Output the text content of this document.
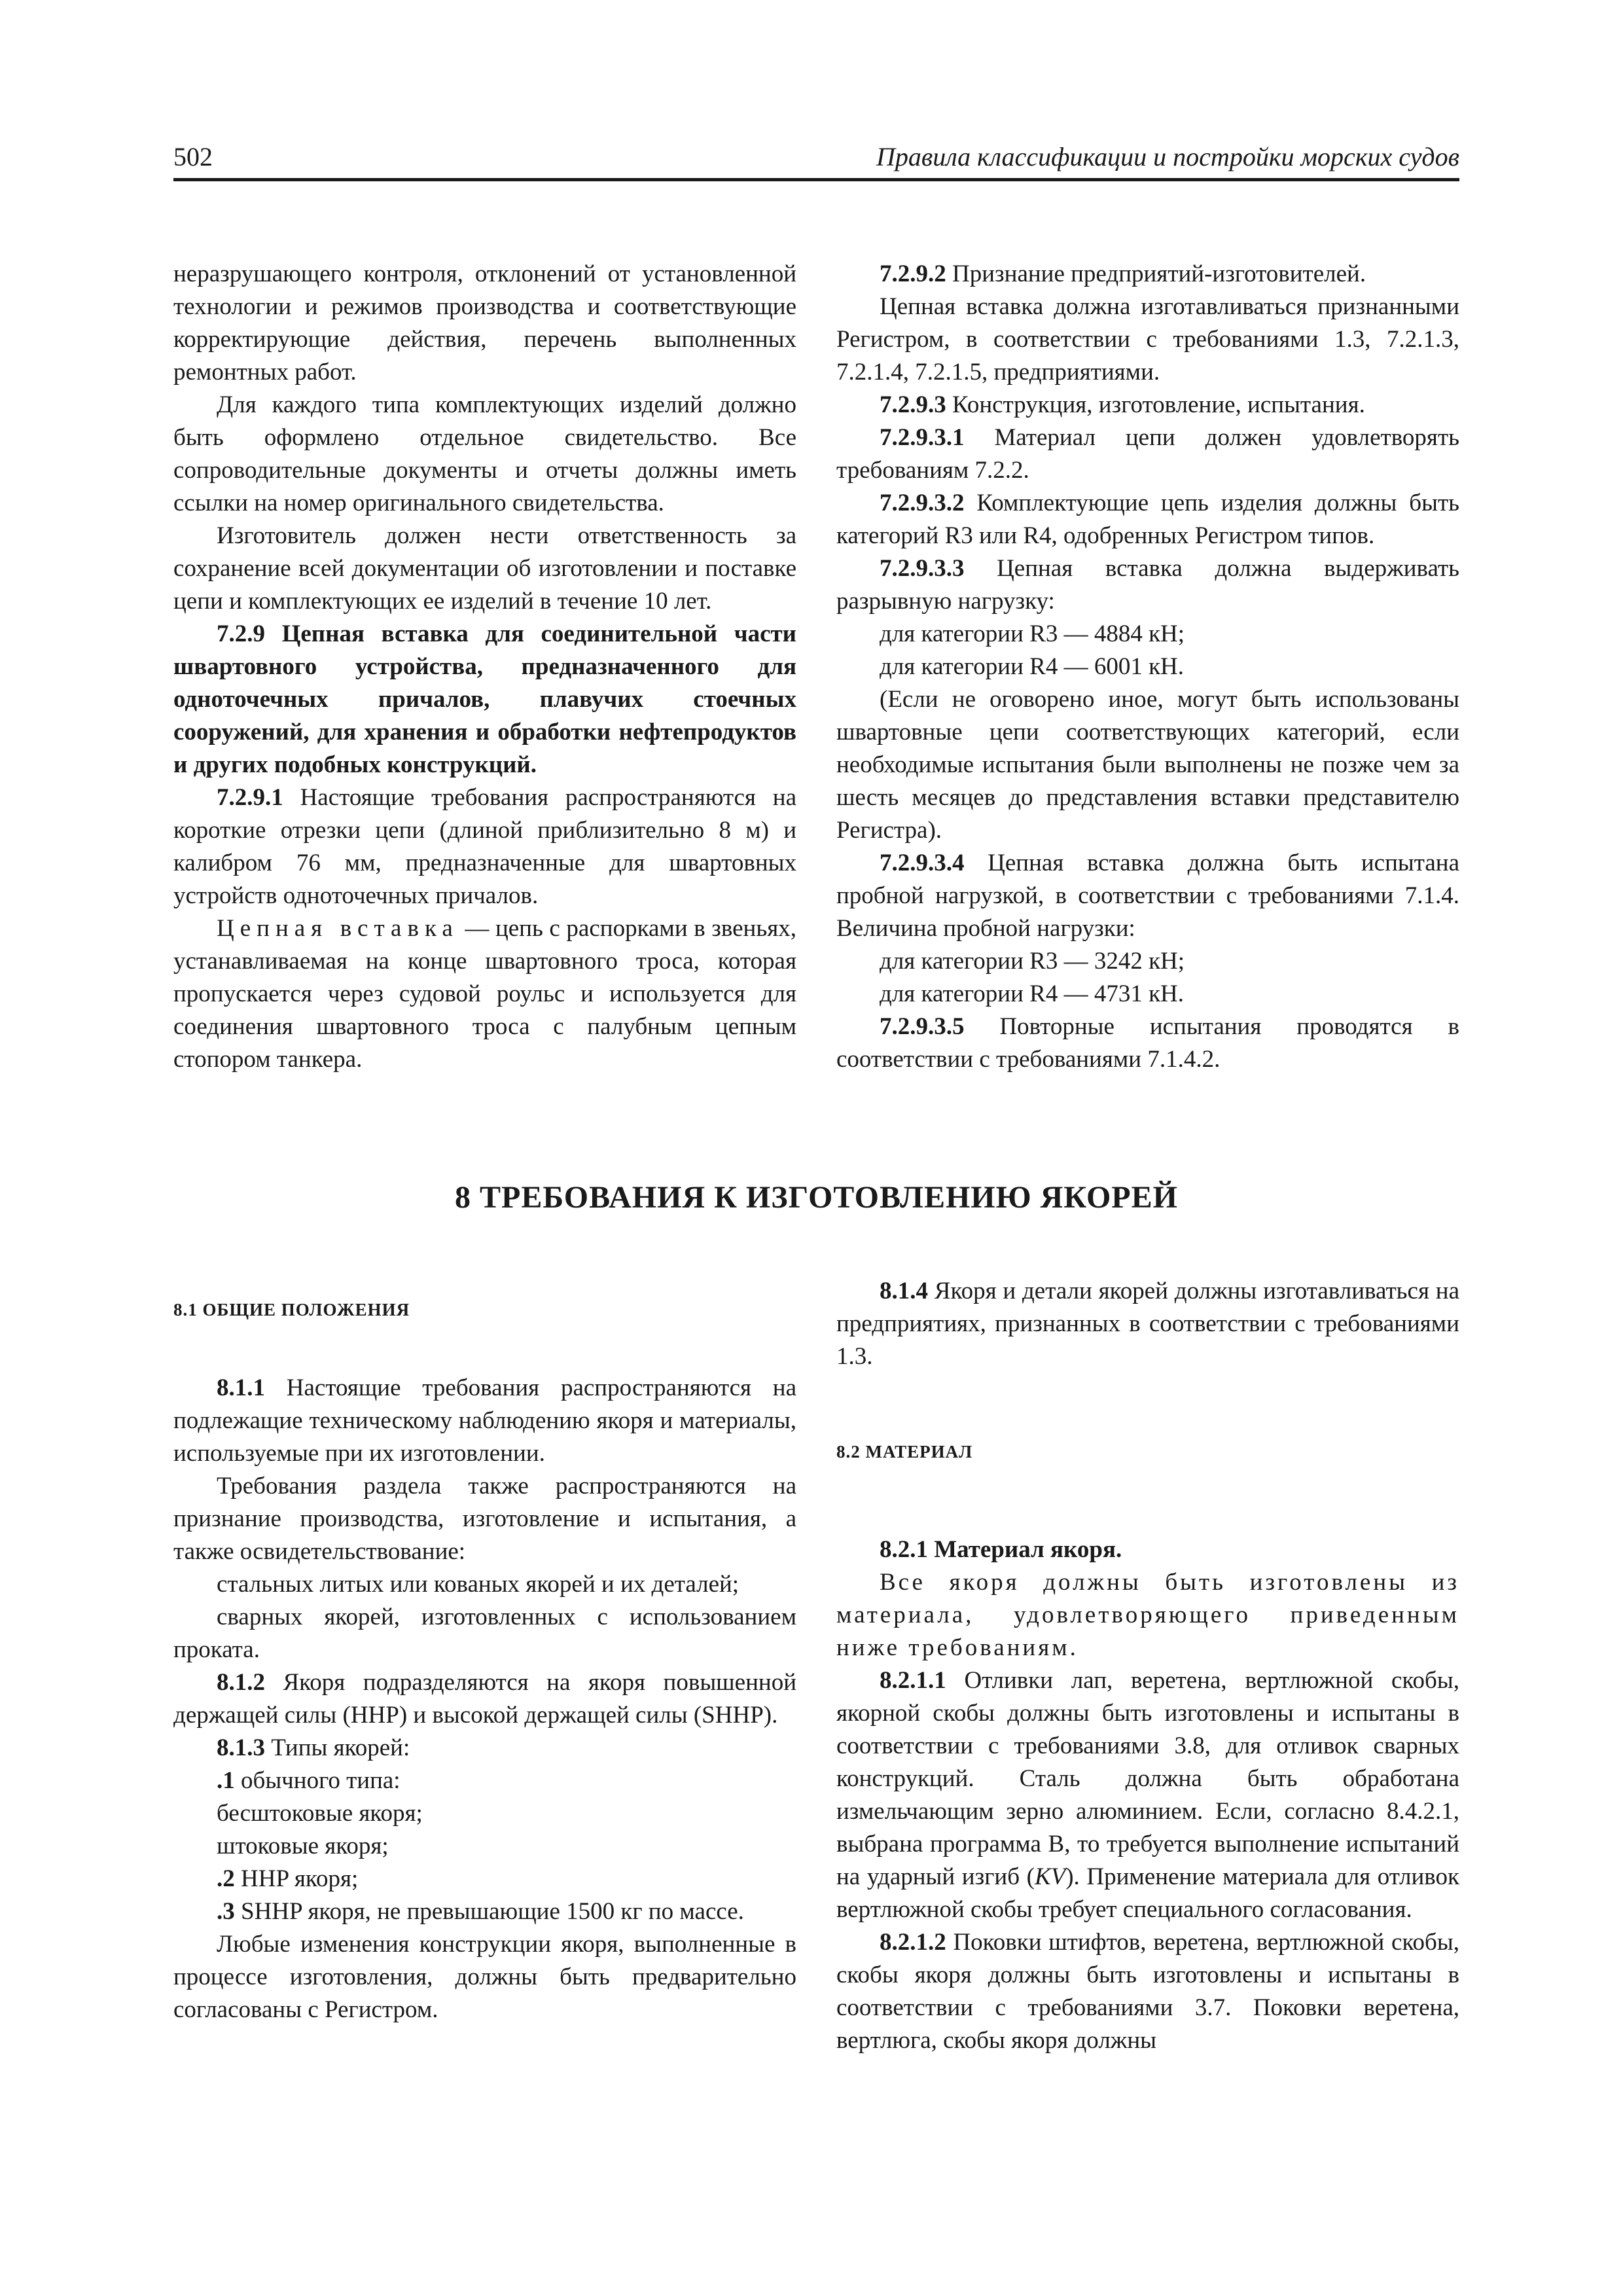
502	Правила классификации и постройки морских судов

неразрушающего контроля, отклонений от установленной технологии и режимов производства и соответствующие корректирующие действия, перечень выполненных ремонтных работ.

Для каждого типа комплектующих изделий должно быть оформлено отдельное свидетельство. Все сопроводительные документы и отчеты должны иметь ссылки на номер оригинального свидетельства.

Изготовитель должен нести ответственность за сохранение всей документации об изготовлении и поставке цепи и комплектующих ее изделий в течение 10 лет.

7.2.9 Цепная вставка для соединительной части швартовного устройства, предназначенного для одноточечных причалов, плавучих стоечных сооружений, для хранения и обработки нефтепродуктов и других подобных конструкций.

7.2.9.1 Настоящие требования распространяются на короткие отрезки цепи (длиной приблизительно 8 м) и калибром 76 мм, предназначенные для швартовных устройств одноточечных причалов.

Цепная вставка — цепь с распорками в звеньях, устанавливаемая на конце швартовного троса, которая пропускается через судовой роульс и используется для соединения швартовного троса с палубным цепным стопором танкера.

7.2.9.2 Признание предприятий-изготовителей.

Цепная вставка должна изготавливаться признанными Регистром, в соответствии с требованиями 1.3, 7.2.1.3, 7.2.1.4, 7.2.1.5, предприятиями.

7.2.9.3 Конструкция, изготовление, испытания.

7.2.9.3.1 Материал цепи должен удовлетворять требованиям 7.2.2.

7.2.9.3.2 Комплектующие цепь изделия должны быть категорий R3 или R4, одобренных Регистром типов.

7.2.9.3.3 Цепная вставка должна выдерживать разрывную нагрузку:

для категории R3 — 4884 кН;

для категории R4 — 6001 кН.

(Если не оговорено иное, могут быть использованы швартовные цепи соответствующих категорий, если необходимые испытания были выполнены не позже чем за шесть месяцев до представления вставки представителю Регистра).

7.2.9.3.4 Цепная вставка должна быть испытана пробной нагрузкой, в соответствии с требованиями 7.1.4. Величина пробной нагрузки:

для категории R3 — 3242 кН;

для категории R4 — 4731 кН.

7.2.9.3.5 Повторные испытания проводятся в соответствии с требованиями 7.1.4.2.

8 ТРЕБОВАНИЯ К ИЗГОТОВЛЕНИЮ ЯКОРЕЙ

8.1 ОБЩИЕ ПОЛОЖЕНИЯ

8.1.1 Настоящие требования распространяются на подлежащие техническому наблюдению якоря и материалы, используемые при их изготовлении.

Требования раздела также распространяются на признание производства, изготовление и испытания, а также освидетельствование:

стальных литых или кованых якорей и их деталей;

сварных якорей, изготовленных с использованием проката.

8.1.2 Якоря подразделяются на якоря повышенной держащей силы (HHP) и высокой держащей силы (SHHP).

8.1.3 Типы якорей:

.1 обычного типа:

бесштоковые якоря;

штоковые якоря;

.2 HHP якоря;

.3 SHHP якоря, не превышающие 1500 кг по массе.

Любые изменения конструкции якоря, выполненные в процессе изготовления, должны быть предварительно согласованы с Регистром.

8.1.4 Якоря и детали якорей должны изготавливаться на предприятиях, признанных в соответствии с требованиями 1.3.

8.2 МАТЕРИАЛ

8.2.1 Материал якоря.

Все якоря должны быть изготовлены из материала, удовлетворяющего приведенным ниже требованиям.

8.2.1.1 Отливки лап, веретена, вертлюжной скобы, якорной скобы должны быть изготовлены и испытаны в соответствии с требованиями 3.8, для отливок сварных конструкций. Сталь должна быть обработана измельчающим зерно алюминием. Если, согласно 8.4.2.1, выбрана программа B, то требуется выполнение испытаний на ударный изгиб (KV). Применение материала для отливок вертлюжной скобы требует специального согласования.

8.2.1.2 Поковки штифтов, веретена, вертлюжной скобы, скобы якоря должны быть изготовлены и испытаны в соответствии с требованиями 3.7. Поковки веретена, вертлюга, скобы якоря должны
